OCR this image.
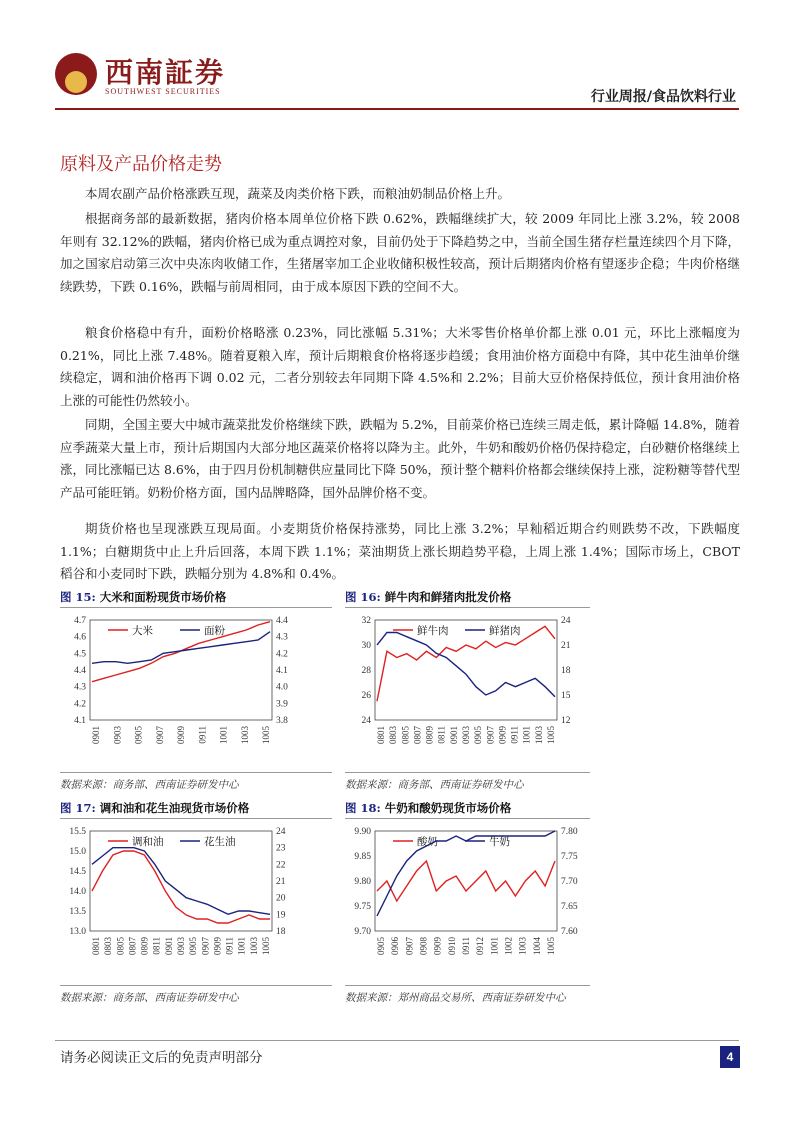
西南証券
SOUTHWEST SECURITIES	行业周报/食品饮料行业
原料及产品价格走势
本周农副产品价格涨跌互现，蔬菜及肉类价格下跌，而粮油奶制品价格上升。
根据商务部的最新数据，猪肉价格本周单位价格下跌 0.62%，跌幅继续扩大，较 2009 年同比上涨 3.2%，较 2008 年则有 32.12%的跌幅，猪肉价格已成为重点调控对象，目前仍处于下降趋势之中，当前全国生猪存栏量连续四个月下降，加之国家启动第三次中央冻肉收储工作，生猪屠宰加工企业收储积极性较高，预计后期猪肉价格有望逐步企稳；牛肉价格继续跌势，下跌 0.16%，跌幅与前周相同，由于成本原因下跌的空间不大。
粮食价格稳中有升，面粉价格略涨 0.23%，同比涨幅 5.31%；大米零售价格单价都上涨 0.01 元，环比上涨幅度为 0.21%，同比上涨 7.48%。随着夏粮入库，预计后期粮食价格将逐步趋缓；食用油价格方面稳中有降，其中花生油单价继续稳定，调和油价格再下调 0.02 元，二者分别较去年同期下降 4.5%和 2.2%；目前大豆价格保持低位，预计食用油价格上涨的可能性仍然较小。
同期，全国主要大中城市蔬菜批发价格继续下跌，跌幅为 5.2%，目前菜价格已连续三周走低，累计降幅 14.8%，随着应季蔬菜大量上市，预计后期国内大部分地区蔬菜价格将以降为主。此外，牛奶和酸奶价格仍保持稳定，白砂糖价格继续上涨，同比涨幅已达 8.6%，由于四月份机制糖供应量同比下降 50%，预计整个糖料价格都会继续保持上涨，淀粉糖等替代型产品可能旺销。奶粉价格方面，国内品牌略降，国外品牌价格不变。
期货价格也呈现涨跌互现局面。小麦期货价格保持涨势，同比上涨 3.2%；早籼稻近期合约则跌势不改，下跌幅度 1.1%；白糖期货中止上升后回落，本周下跌 1.1%；菜油期货上涨长期趋势平稳，上周上涨 1.4%；国际市场上，CBOT 稻谷和小麦同时下跌，跌幅分别为 4.8%和 0.4%。
图 15: 大米和面粉现货市场价格
4.1
4.2
4.3
4.4
4.5
4.6
4.7
3.8
3.9
4.0
4.1
4.2
4.3
4.4
0901 0903 0905 0907 0909 0911 1001 1003 1005
大米	面粉
数据来源：商务部、西南证券研发中心
图 16: 鲜牛肉和鲜猪肉批发价格
24
26
28
30
32
12
15
18
21
24
0801 0803 0805 0807 0809 0811 0901 0903 0905 0907 0909 0911 1001 1003 1005
鲜牛肉	鲜猪肉
数据来源：商务部、西南证券研发中心
图 17: 调和油和花生油现货市场价格
13.0
13.5
14.0
14.5
15.0
15.5
18
19
20
21
22
23
24
0801 0803 0805 0807 0809 0811 0901 0903 0905 0907 0909 0911 1001 1003 1005
调和油	花生油
数据来源：商务部、西南证券研发中心
图 18: 牛奶和酸奶现货市场价格
9.70
9.75
9.80
9.85
9.90
7.60
7.65
7.70
7.75
7.80
0905 0906 0907 0908 0909 0910 0911 0912 1001 1002 1003 1004 1005
酸奶	牛奶
数据来源：郑州商品交易所、西南证券研发中心
请务必阅读正文后的免责声明部分	4
